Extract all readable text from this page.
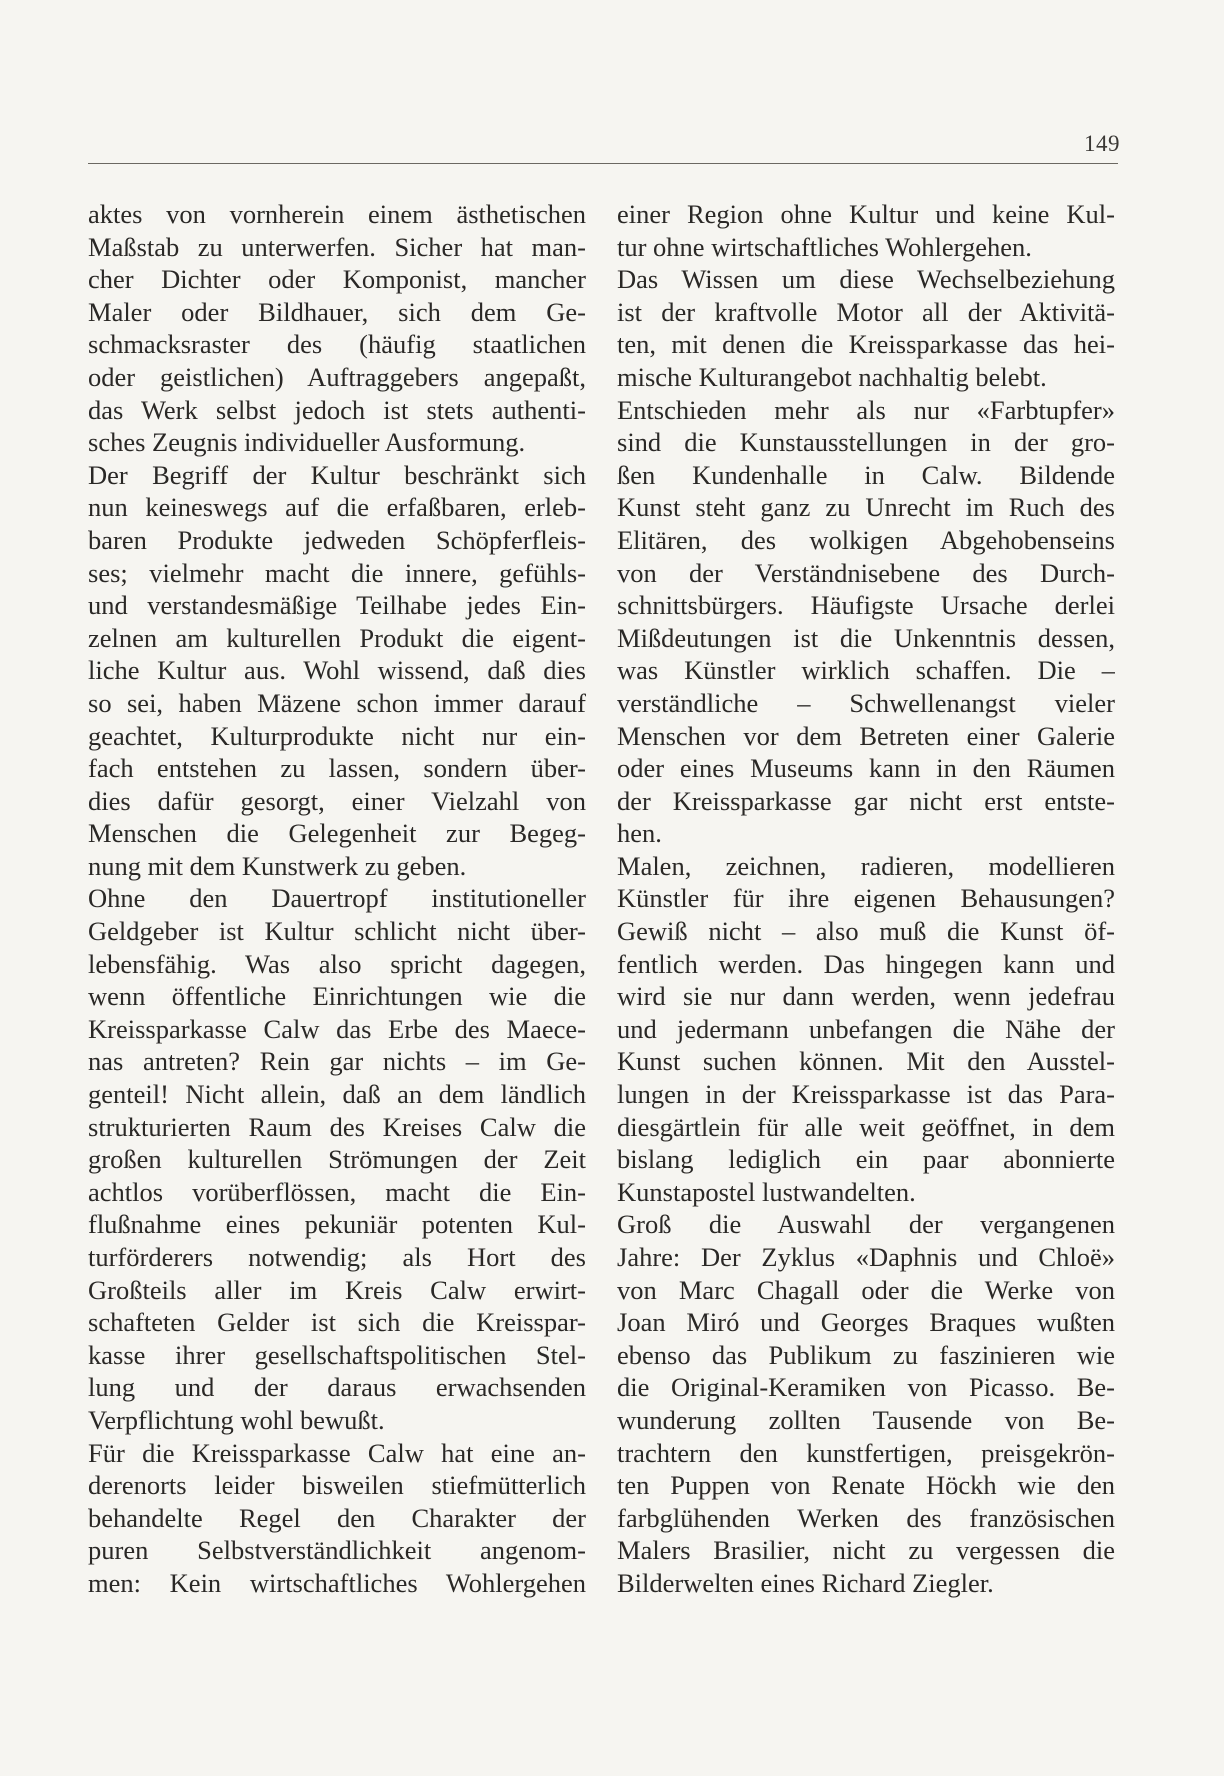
149
aktes von vornherein einem ästhetischen
Maßstab zu unterwerfen. Sicher hat man-
cher Dichter oder Komponist, mancher
Maler oder Bildhauer, sich dem Ge-
schmacksraster des (häufig staatlichen
oder geistlichen) Auftraggebers angepaßt,
das Werk selbst jedoch ist stets authenti-
sches Zeugnis individueller Ausformung.
Der Begriff der Kultur beschränkt sich
nun keineswegs auf die erfaßbaren, erleb-
baren Produkte jedweden Schöpferfleis-
ses; vielmehr macht die innere, gefühls-
und verstandesmäßige Teilhabe jedes Ein-
zelnen am kulturellen Produkt die eigent-
liche Kultur aus. Wohl wissend, daß dies
so sei, haben Mäzene schon immer darauf
geachtet, Kulturprodukte nicht nur ein-
fach entstehen zu lassen, sondern über-
dies dafür gesorgt, einer Vielzahl von
Menschen die Gelegenheit zur Begeg-
nung mit dem Kunstwerk zu geben.
Ohne den Dauertropf institutioneller
Geldgeber ist Kultur schlicht nicht über-
lebensfähig. Was also spricht dagegen,
wenn öffentliche Einrichtungen wie die
Kreissparkasse Calw das Erbe des Maece-
nas antreten? Rein gar nichts – im Ge-
genteil! Nicht allein, daß an dem ländlich
strukturierten Raum des Kreises Calw die
großen kulturellen Strömungen der Zeit
achtlos vorüberflössen, macht die Ein-
flußnahme eines pekuniär potenten Kul-
turförderers notwendig; als Hort des
Großteils aller im Kreis Calw erwirt-
schafteten Gelder ist sich die Kreisspar-
kasse ihrer gesellschaftspolitischen Stel-
lung und der daraus erwachsenden
Verpflichtung wohl bewußt.
Für die Kreissparkasse Calw hat eine an-
derenorts leider bisweilen stiefmütterlich
behandelte Regel den Charakter der
puren Selbstverständlichkeit angenom-
men: Kein wirtschaftliches Wohlergehen
einer Region ohne Kultur und keine Kul-
tur ohne wirtschaftliches Wohlergehen.
Das Wissen um diese Wechselbeziehung
ist der kraftvolle Motor all der Aktivitä-
ten, mit denen die Kreissparkasse das hei-
mische Kulturangebot nachhaltig belebt.
Entschieden mehr als nur «Farbtupfer»
sind die Kunstausstellungen in der gro-
ßen Kundenhalle in Calw. Bildende
Kunst steht ganz zu Unrecht im Ruch des
Elitären, des wolkigen Abgehobenseins
von der Verständnisebene des Durch-
schnittsbürgers. Häufigste Ursache derlei
Mißdeutungen ist die Unkenntnis dessen,
was Künstler wirklich schaffen. Die –
verständliche – Schwellenangst vieler
Menschen vor dem Betreten einer Galerie
oder eines Museums kann in den Räumen
der Kreissparkasse gar nicht erst entste-
hen.
Malen, zeichnen, radieren, modellieren
Künstler für ihre eigenen Behausungen?
Gewiß nicht – also muß die Kunst öf-
fentlich werden. Das hingegen kann und
wird sie nur dann werden, wenn jedefrau
und jedermann unbefangen die Nähe der
Kunst suchen können. Mit den Ausstel-
lungen in der Kreissparkasse ist das Para-
diesgärtlein für alle weit geöffnet, in dem
bislang lediglich ein paar abonnierte
Kunstapostel lustwandelten.
Groß die Auswahl der vergangenen
Jahre: Der Zyklus «Daphnis und Chloë»
von Marc Chagall oder die Werke von
Joan Miró und Georges Braques wußten
ebenso das Publikum zu faszinieren wie
die Original-Keramiken von Picasso. Be-
wunderung zollten Tausende von Be-
trachtern den kunstfertigen, preisgekrön-
ten Puppen von Renate Höckh wie den
farbglühenden Werken des französischen
Malers Brasilier, nicht zu vergessen die
Bilderwelten eines Richard Ziegler.
